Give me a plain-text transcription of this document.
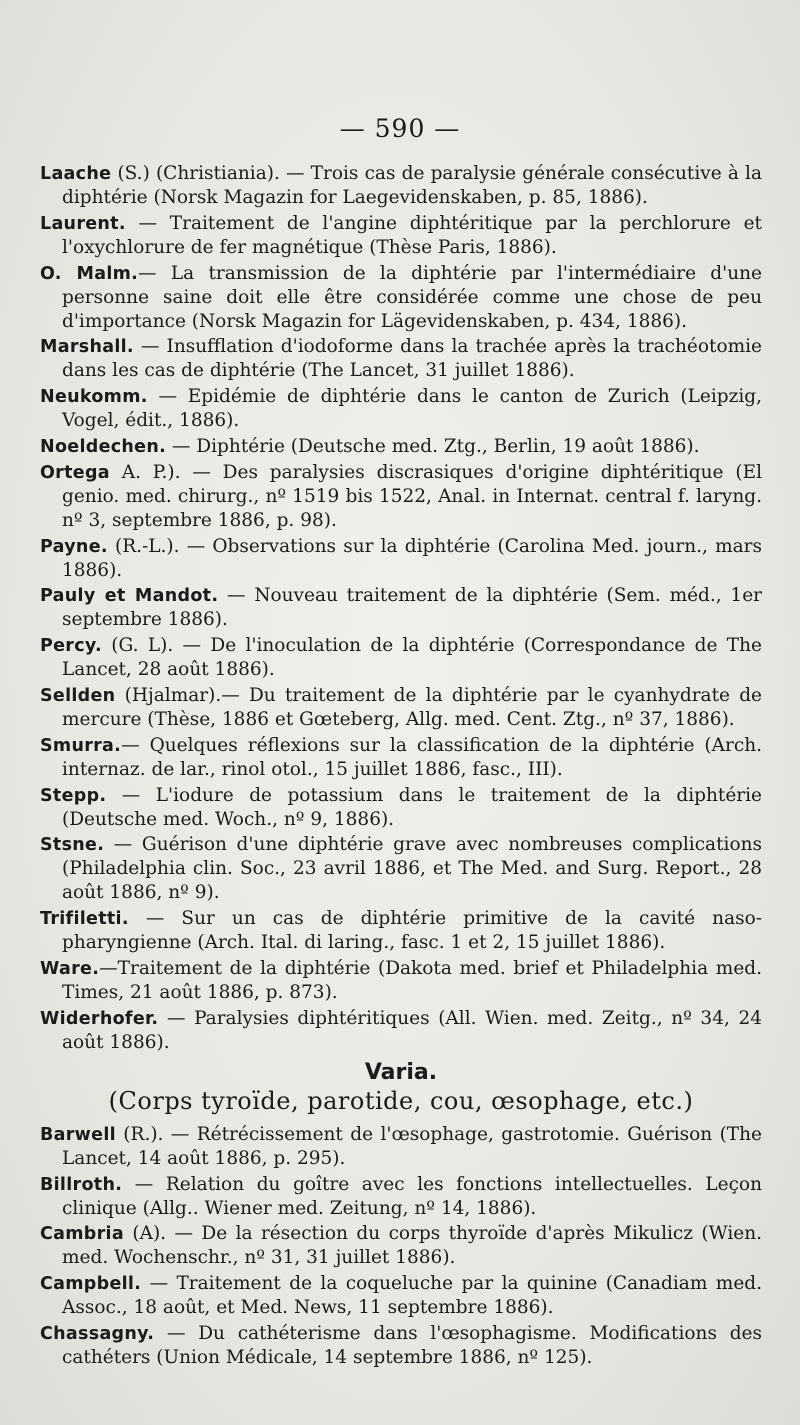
— 590 —
Laache (S.) (Christiania). — Trois cas de paralysie générale consécutive à la diphtérie (Norsk Magazin for Laegevidenskaben, p. 85, 1886).
Laurent. — Traitement de l'angine diphtéritique par la perchlorure et l'oxychlorure de fer magnétique (Thèse Paris, 1886).
O. Malm.— La transmission de la diphtérie par l'intermédiaire d'une personne saine doit elle être considérée comme une chose de peu d'importance (Norsk Magazin for Lägevidenskaben, p. 434, 1886).
Marshall. — Insufflation d'iodoforme dans la trachée après la trachéotomie dans les cas de diphtérie (The Lancet, 31 juillet 1886).
Neukomm. — Epidémie de diphtérie dans le canton de Zurich (Leipzig, Vogel, édit., 1886).
Noeldechen. — Diphtérie (Deutsche med. Ztg., Berlin, 19 août 1886).
Ortega A. P.). — Des paralysies discrasiques d'origine diphtéritique (El genio. med. chirurg., nº 1519 bis 1522, Anal. in Internat. central f. laryng. nº 3, septembre 1886, p. 98).
Payne. (R.-L.). — Observations sur la diphtérie (Carolina Med. journ., mars 1886).
Pauly et Mandot. — Nouveau traitement de la diphtérie (Sem. méd., 1er septembre 1886).
Percy. (G. L). — De l'inoculation de la diphtérie (Correspondance de The Lancet, 28 août 1886).
Sellden (Hjalmar).— Du traitement de la diphtérie par le cyanhydrate de mercure (Thèse, 1886 et Gœteberg, Allg. med. Cent. Ztg., nº 37, 1886).
Smurra.— Quelques réflexions sur la classification de la diphtérie (Arch. internaz. de lar., rinol otol., 15 juillet 1886, fasc., III).
Stepp. — L'iodure de potassium dans le traitement de la diphtérie (Deutsche med. Woch., nº 9, 1886).
Stsne. — Guérison d'une diphtérie grave avec nombreuses complications (Philadelphia clin. Soc., 23 avril 1886, et The Med. and Surg. Report., 28 août 1886, nº 9).
Trifiletti. — Sur un cas de diphtérie primitive de la cavité naso-pharyngienne (Arch. Ital. di laring., fasc. 1 et 2, 15 juillet 1886).
Ware.—Traitement de la diphtérie (Dakota med. brief et Philadelphia med. Times, 21 août 1886, p. 873).
Widerhofer. — Paralysies diphtéritiques (All. Wien. med. Zeitg., nº 34, 24 août 1886).
Varia.
(Corps tyroïde, parotide, cou, œsophage, etc.)
Barwell (R.). — Rétrécissement de l'œsophage, gastrotomie. Guérison (The Lancet, 14 août 1886, p. 295).
Billroth. — Relation du goître avec les fonctions intellectuelles. Leçon clinique (Allg.. Wiener med. Zeitung, nº 14, 1886).
Cambria (A). — De la résection du corps thyroïde d'après Mikulicz (Wien. med. Wochenschr., nº 31, 31 juillet 1886).
Campbell. — Traitement de la coqueluche par la quinine (Canadiam med. Assoc., 18 août, et Med. News, 11 septembre 1886).
Chassagny. — Du cathéterisme dans l'œsophagisme. Modifications des cathéters (Union Médicale, 14 septembre 1886, nº 125).
